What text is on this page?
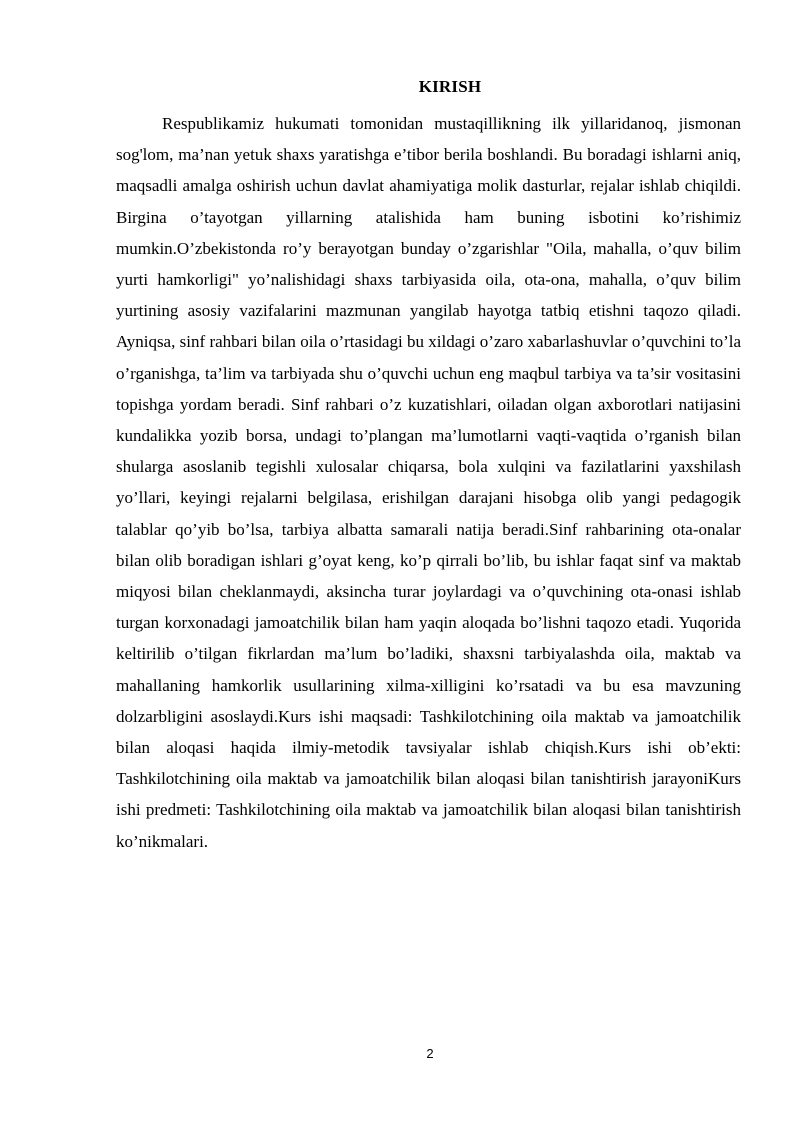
KIRISH

Respublikamiz hukumati tomonidan mustaqillikning ilk yillaridanoq, jismonan sog'lom, ma’nan yetuk shaxs yaratishga e’tibor berila boshlandi. Bu boradagi ishlarni aniq, maqsadli amalga oshirish uchun davlat ahamiyatiga molik dasturlar, rejalar ishlab chiqildi. Birgina o’tayotgan yillarning atalishida ham buning isbotini ko’rishimiz mumkin.O’zbekistonda ro’y berayotgan bunday o’zgarishlar "Oila, mahalla, o’quv bilim yurti hamkorligi" yo’nalishidagi shaxs tarbiyasida oila, ota-ona, mahalla, o’quv bilim yurtining asosiy vazifalarini mazmunan yangilab hayotga tatbiq etishni taqozo qiladi. Ayniqsa, sinf rahbari bilan oila o’rtasidagi bu xildagi o’zaro xabarlashuvlar o’quvchini to’la o’rganishga, ta’lim va tarbiyada shu o’quvchi uchun eng maqbul tarbiya va ta’sir vositasini topishga yordam beradi. Sinf rahbari o’z kuzatishlari, oiladan olgan axborotlari natijasini kundalikka yozib borsa, undagi to’plangan ma’lumotlarni vaqti-vaqtida o’rganish bilan shularga asoslanib tegishli xulosalar chiqarsa, bola xulqini va fazilatlarini yaxshilash yo’llari, keyingi rejalarni belgilasa, erishilgan darajani hisobga olib yangi pedagogik talablar qo’yib bo’lsa, tarbiya albatta samarali natija beradi.Sinf rahbarining ota-onalar bilan olib boradigan ishlari g’oyat keng, ko’p qirrali bo’lib, bu ishlar faqat sinf va maktab miqyosi bilan cheklanmaydi, aksincha turar joylardagi va o’quvchining ota-onasi ishlab turgan korxonadagi jamoatchilik bilan ham yaqin aloqada bo’lishni taqozo etadi. Yuqorida keltirilib o’tilgan fikrlardan ma’lum bo’ladiki, shaxsni tarbiyalashda oila, maktab va mahallaning hamkorlik usullarining xilma-xilligini ko’rsatadi va bu esa mavzuning dolzarbligini asoslaydi.Kurs ishi maqsadi: Tashkilotchining oila maktab va jamoatchilik bilan aloqasi haqida ilmiy-metodik tavsiyalar ishlab chiqish.Kurs ishi ob’ekti: Tashkilotchining oila maktab va jamoatchilik bilan aloqasi bilan tanishtirish jarayoniKurs ishi predmeti: Tashkilotchining oila maktab va jamoatchilik bilan aloqasi bilan tanishtirish ko’nikmalari.

2
